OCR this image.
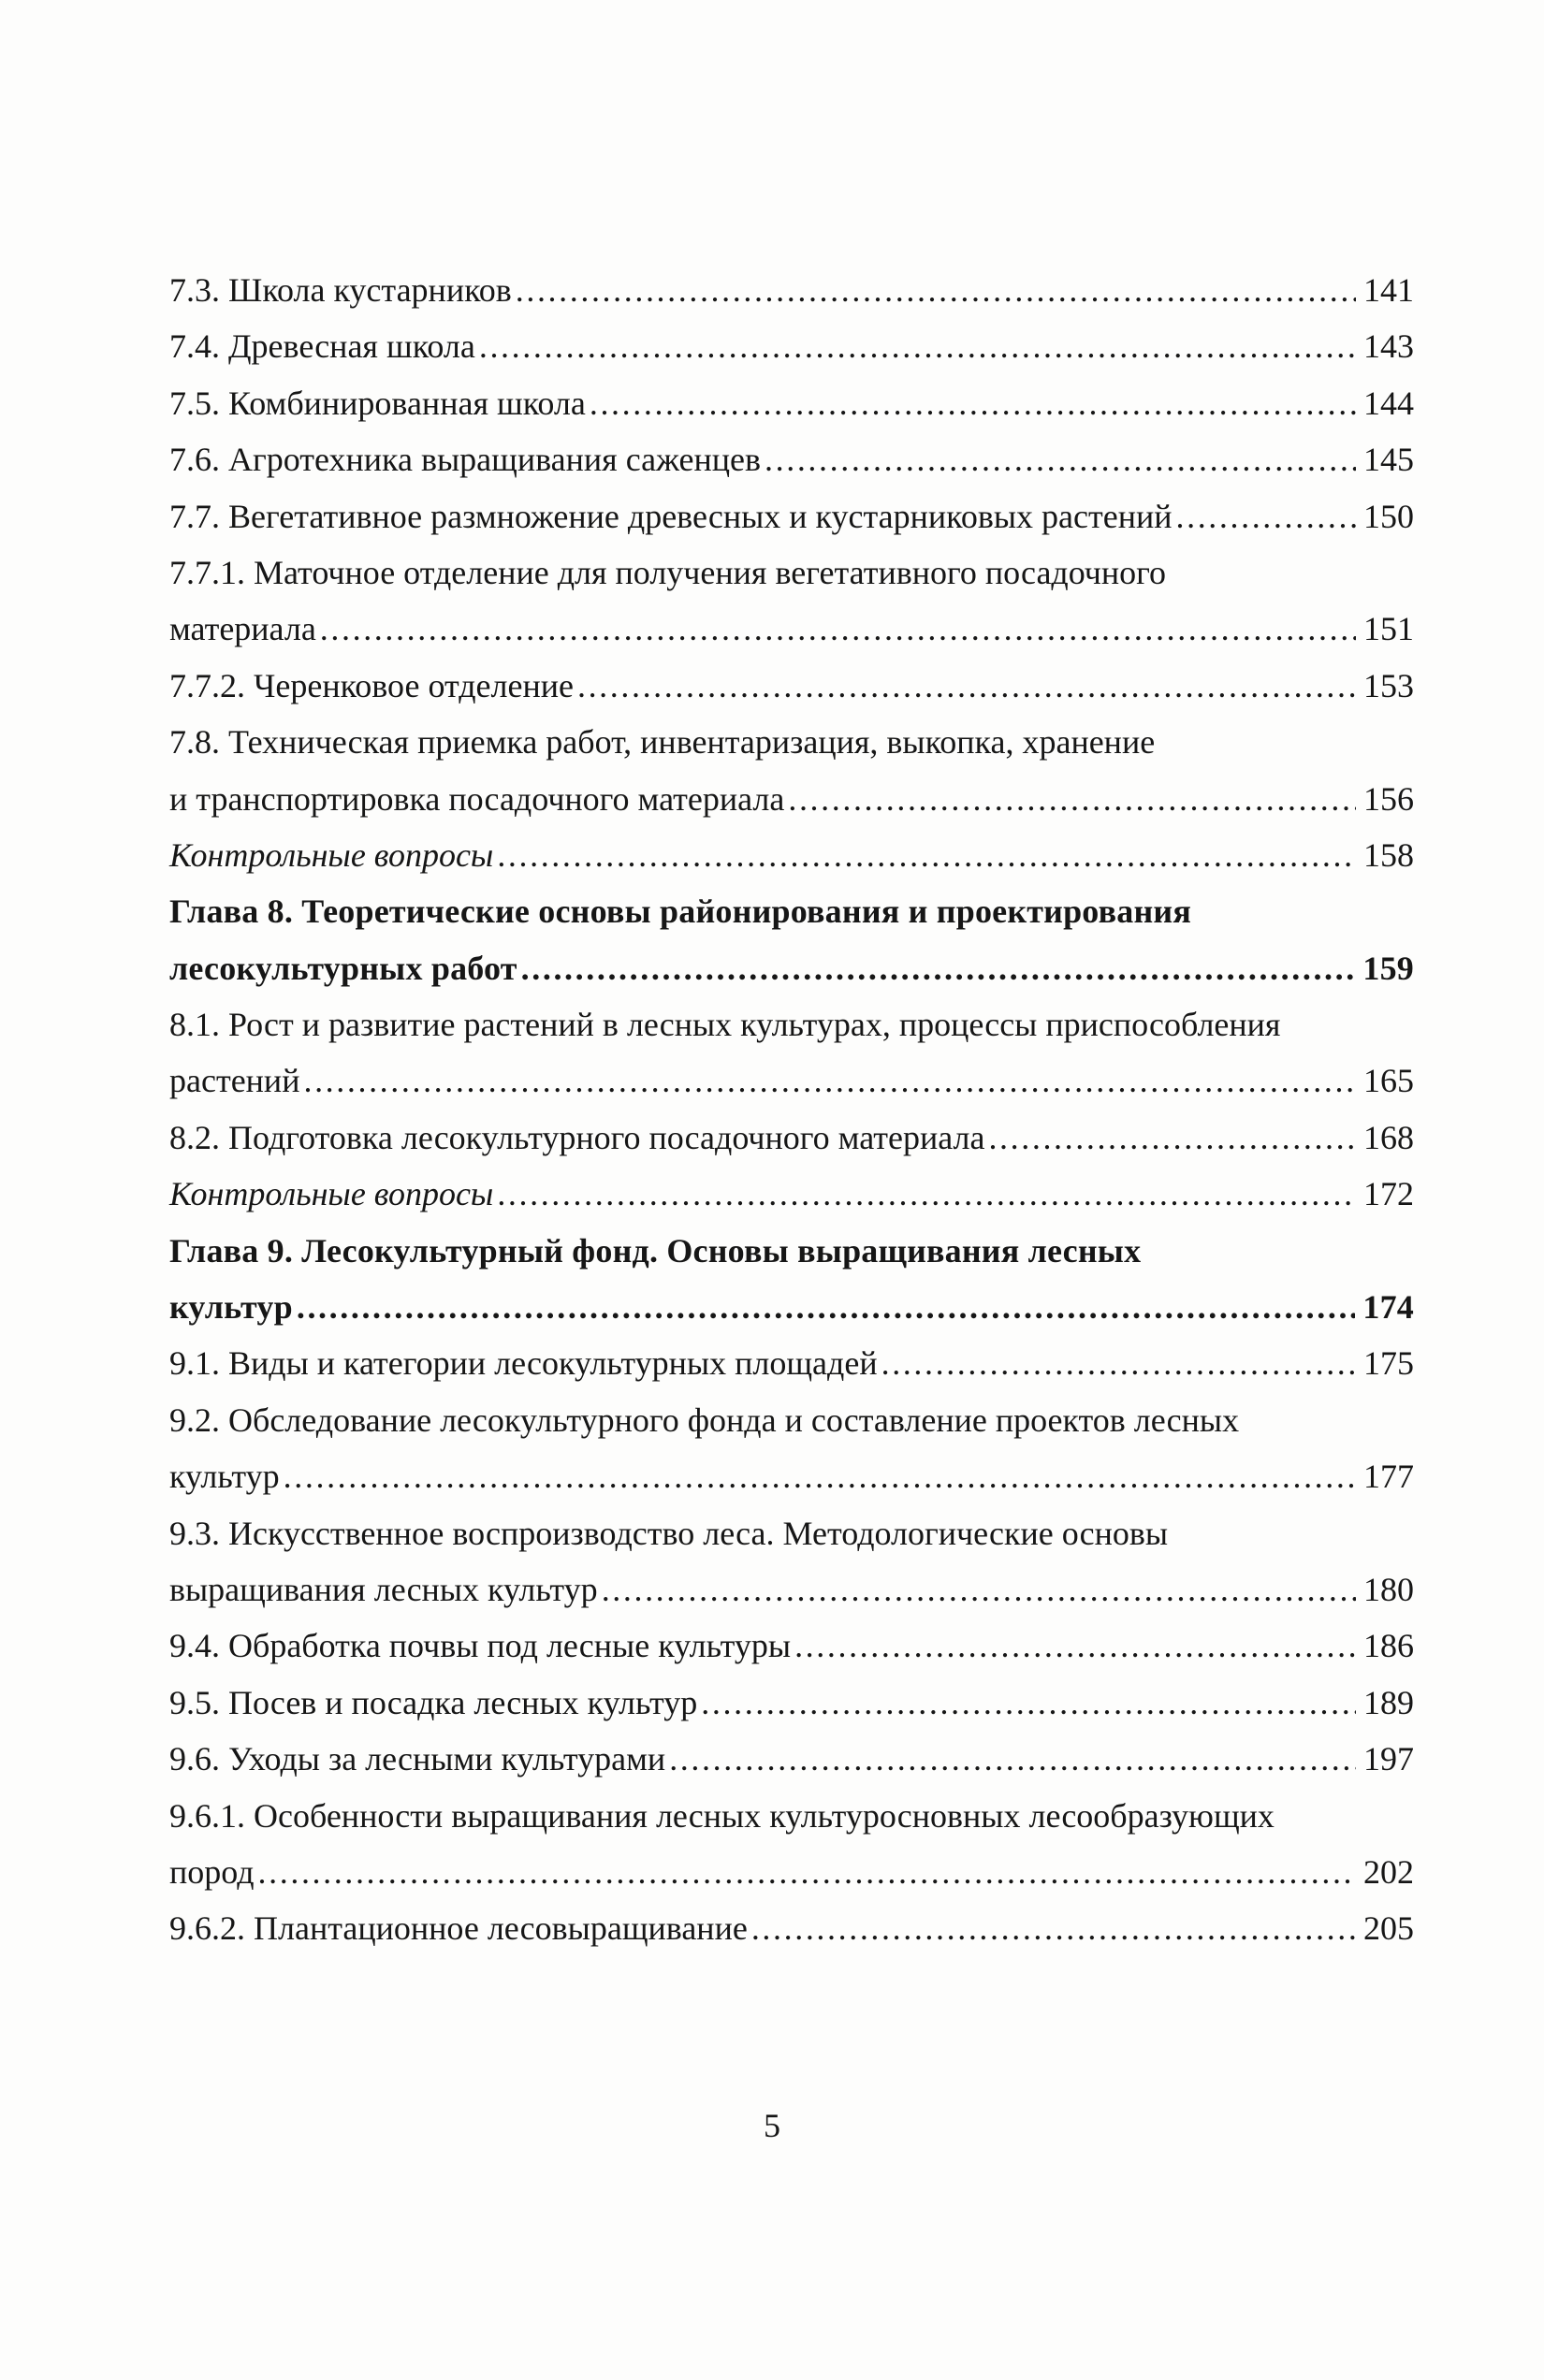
7.3. Школа кустарников .....	141
7.4. Древесная школа .....	143
7.5. Комбинированная школа .....	144
7.6. Агротехника выращивания саженцев .....	145
7.7. Вегетативное размножение древесных и кустарниковых растений .....	150
7.7.1. Маточное отделение для получения вегетативного посадочного
материала .....	151
7.7.2. Черенковое отделение .....	153
7.8. Техническая приемка работ, инвентаризация, выкопка, хранение
и транспортировка посадочного материала .....	156
Контрольные вопросы .....	158
Глава 8. Теоретические основы районирования и проектирования
лесокультурных работ .....	159
8.1. Рост и развитие растений в лесных культурах, процессы приспособления
растений .....	165
8.2. Подготовка лесокультурного посадочного материала .....	168
Контрольные вопросы .....	172
Глава 9. Лесокультурный фонд. Основы выращивания лесных
культур .....	174
9.1. Виды и категории лесокультурных площадей .....	175
9.2. Обследование лесокультурного фонда и составление проектов лесных
культур .....	177
9.3. Искусственное воспроизводство леса. Методологические основы
выращивания лесных культур .....	180
9.4. Обработка почвы под лесные культуры .....	186
9.5. Посев и посадка лесных культур .....	189
9.6. Уходы за лесными культурами .....	197
9.6.1. Особенности выращивания лесных культуросновных лесообразующих
пород .....	202
9.6.2. Плантационное лесовыращивание .....	205
5
